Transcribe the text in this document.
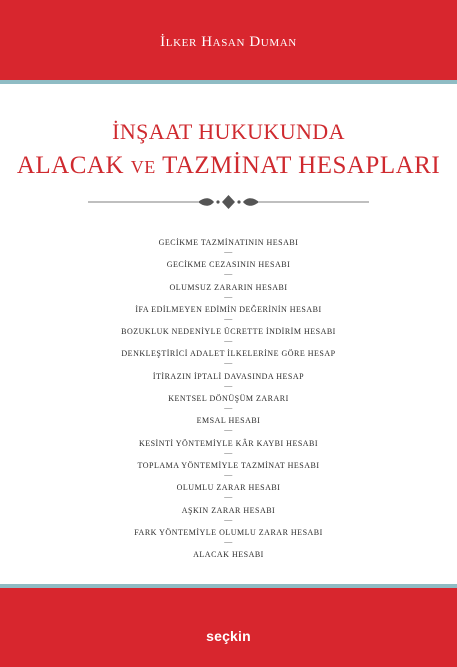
İlker Hasan Duman
İNŞAAT HUKUKUNDA
ALACAK VE TAZMİNAT HESAPLARI
GECİKME TAZMİNATININ HESABI
—
GECİKME CEZASININ HESABI
—
OLUMSUZ ZARARIN HESABI
—
İFA EDİLMEYEN EDİMİN DEĞERİNİN HESABI
—
BOZUKLUK NEDENİYLE ÜCRETTE İNDİRİM HESABI
—
DENKLEŞTİRİCİ ADALET İLKELERİNE GÖRE HESAP
—
İTİRAZIN İPTALİ DAVASINDA HESAP
—
KENTSEL DÖNÜŞÜM ZARARI
—
EMSAL HESABI
—
KESİNTİ YÖNTEMİYLE KÂR KAYBI HESABI
—
TOPLAMA YÖNTEMİYLE TAZMİNAT HESABI
—
OLUMLU ZARAR HESABI
—
AŞKIN ZARAR HESABI
—
FARK YÖNTEMİYLE OLUMLU ZARAR HESABI
—
ALACAK HESABI
seçkin
